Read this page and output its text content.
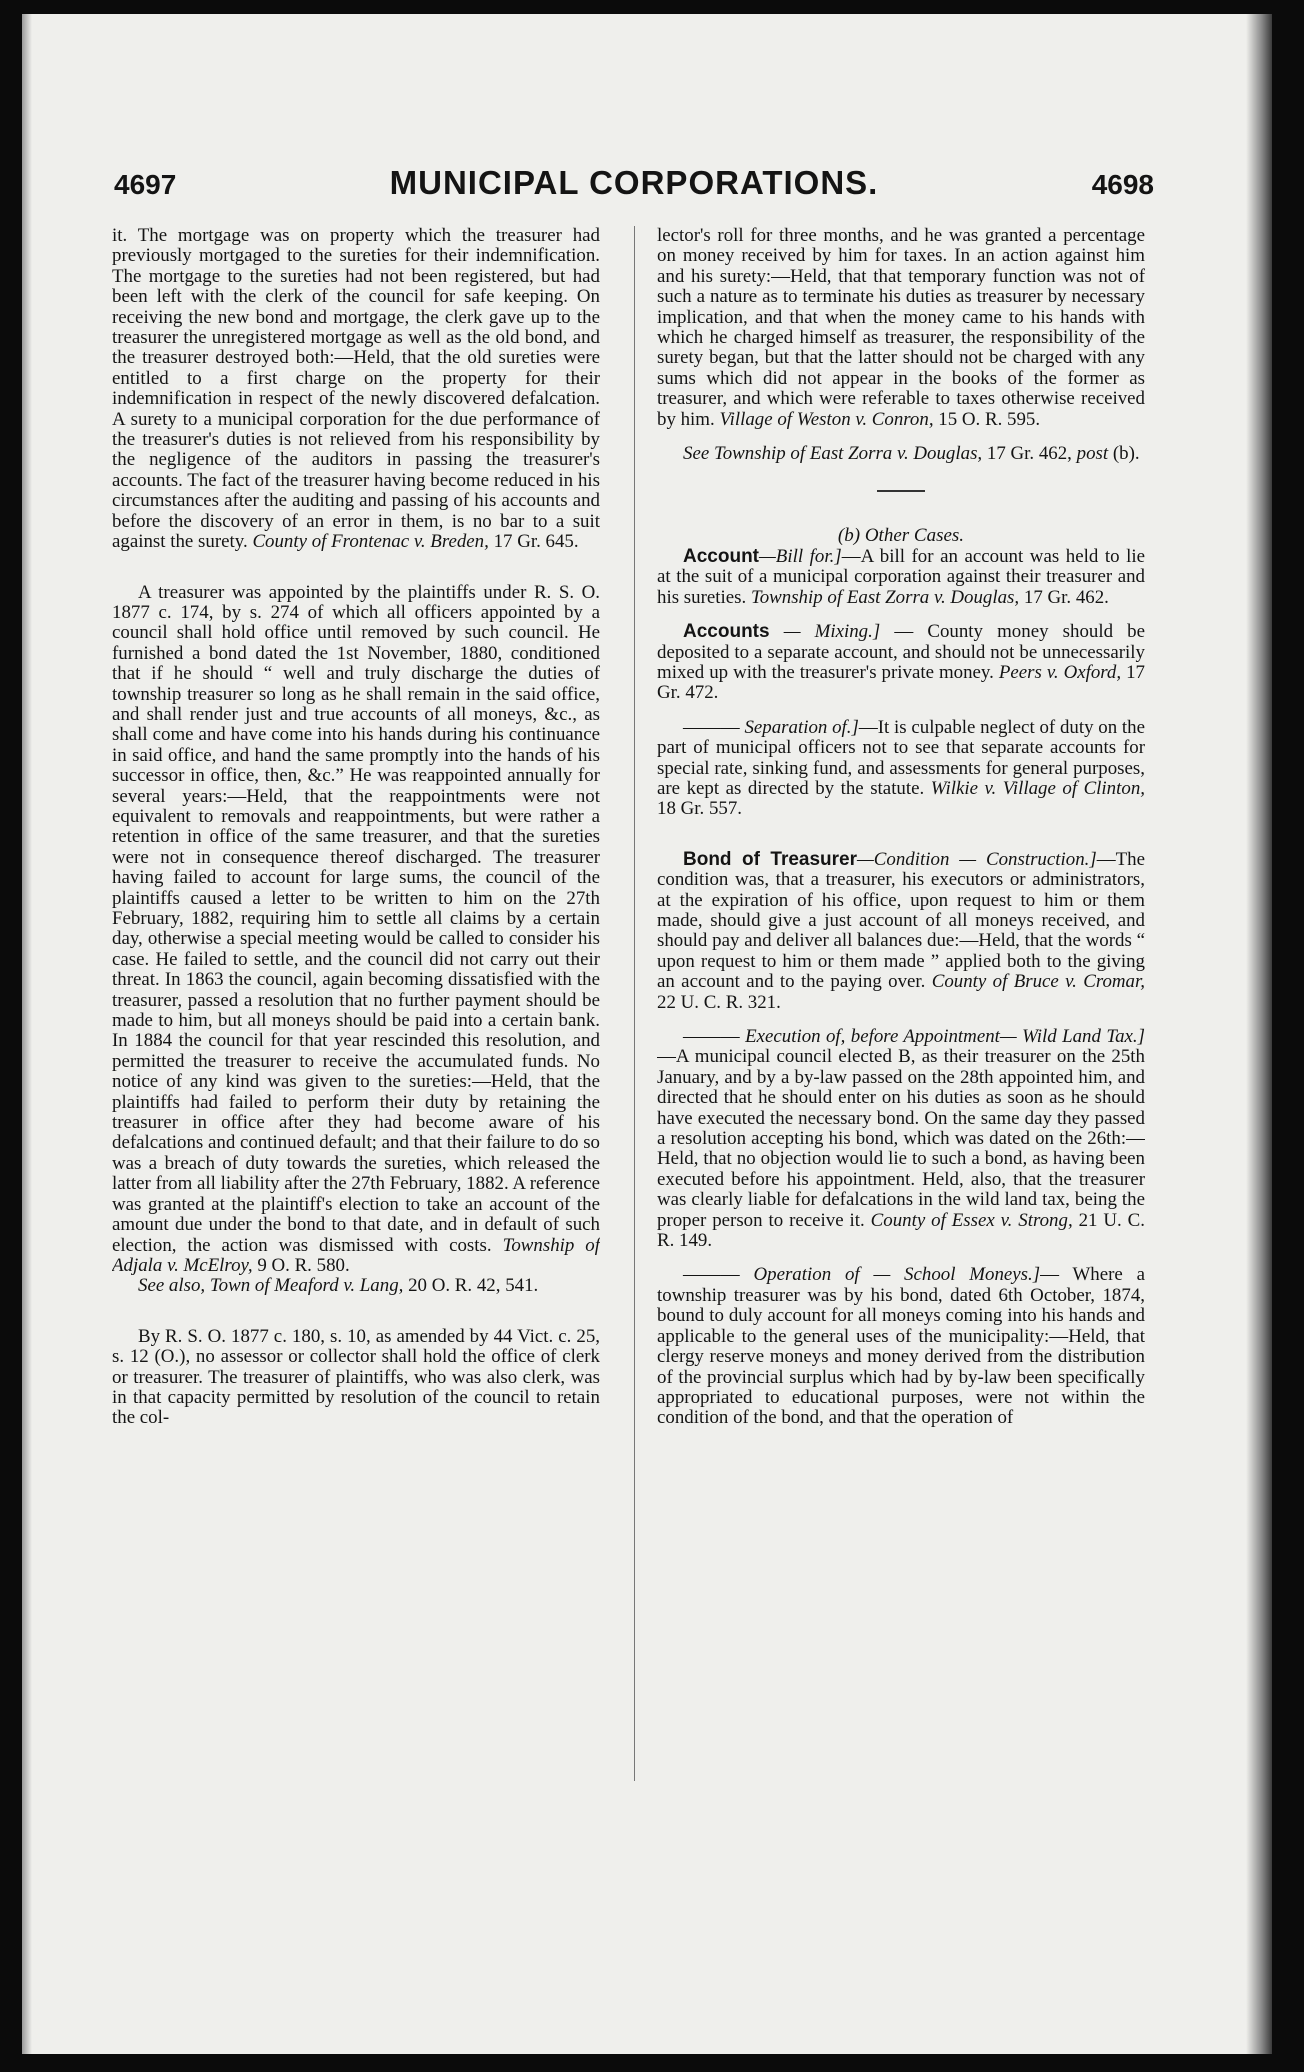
4697	MUNICIPAL CORPORATIONS.	4698

it. The mortgage was on property which the treasurer had previously mortgaged to the sureties for their indemnification. The mortgage to the sureties had not been registered, but had been left with the clerk of the council for safe keeping. On receiving the new bond and mortgage, the clerk gave up to the treasurer the unregistered mortgage as well as the old bond, and the treasurer destroyed both:—Held, that the old sureties were entitled to a first charge on the property for their indemnification in respect of the newly discovered defalcation. A surety to a municipal corporation for the due performance of the treasurer's duties is not relieved from his responsibility by the negligence of the auditors in passing the treasurer's accounts. The fact of the treasurer having become reduced in his circumstances after the auditing and passing of his accounts and before the discovery of an error in them, is no bar to a suit against the surety. County of Frontenac v. Breden, 17 Gr. 645.

A treasurer was appointed by the plaintiffs under R. S. O. 1877 c. 174, by s. 274 of which all officers appointed by a council shall hold office until removed by such council. He furnished a bond dated the 1st November, 1880, conditioned that if he should “ well and truly discharge the duties of township treasurer so long as he shall remain in the said office, and shall render just and true accounts of all moneys, &c., as shall come and have come into his hands during his continuance in said office, and hand the same promptly into the hands of his successor in office, then, &c.” He was reappointed annually for several years:—Held, that the reappointments were not equivalent to removals and reappointments, but were rather a retention in office of the same treasurer, and that the sureties were not in consequence thereof discharged. The treasurer having failed to account for large sums, the council of the plaintiffs caused a letter to be written to him on the 27th February, 1882, requiring him to settle all claims by a certain day, otherwise a special meeting would be called to consider his case. He failed to settle, and the council did not carry out their threat. In 1863 the council, again becoming dissatisfied with the treasurer, passed a resolution that no further payment should be made to him, but all moneys should be paid into a certain bank. In 1884 the council for that year rescinded this resolution, and permitted the treasurer to receive the accumulated funds. No notice of any kind was given to the sureties:—Held, that the plaintiffs had failed to perform their duty by retaining the treasurer in office after they had become aware of his defalcations and continued default; and that their failure to do so was a breach of duty towards the sureties, which released the latter from all liability after the 27th February, 1882. A reference was granted at the plaintiff's election to take an account of the amount due under the bond to that date, and in default of such election, the action was dismissed with costs. Township of Adjala v. McElroy, 9 O. R. 580.

See also, Town of Meaford v. Lang, 20 O. R. 42, 541.

By R. S. O. 1877 c. 180, s. 10, as amended by 44 Vict. c. 25, s. 12 (O.), no assessor or collector shall hold the office of clerk or treasurer. The treasurer of plaintiffs, who was also clerk, was in that capacity permitted by resolution of the council to retain the col-

lector's roll for three months, and he was granted a percentage on money received by him for taxes. In an action against him and his surety:—Held, that that temporary function was not of such a nature as to terminate his duties as treasurer by necessary implication, and that when the money came to his hands with which he charged himself as treasurer, the responsibility of the surety began, but that the latter should not be charged with any sums which did not appear in the books of the former as treasurer, and which were referable to taxes otherwise received by him. Village of Weston v. Conron, 15 O. R. 595.

See Township of East Zorra v. Douglas, 17 Gr. 462, post (b).

(b) Other Cases.

Account—Bill for.]—A bill for an account was held to lie at the suit of a municipal corporation against their treasurer and his sureties. Township of East Zorra v. Douglas, 17 Gr. 462.

Accounts — Mixing.] — County money should be deposited to a separate account, and should not be unnecessarily mixed up with the treasurer's private money. Peers v. Oxford, 17 Gr. 472.

——— Separation of.]—It is culpable neglect of duty on the part of municipal officers not to see that separate accounts for special rate, sinking fund, and assessments for general purposes, are kept as directed by the statute. Wilkie v. Village of Clinton, 18 Gr. 557.

Bond of Treasurer—Condition — Construction.]—The condition was, that a treasurer, his executors or administrators, at the expiration of his office, upon request to him or them made, should give a just account of all moneys received, and should pay and deliver all balances due:—Held, that the words “ upon request to him or them made ” applied both to the giving an account and to the paying over. County of Bruce v. Cromar, 22 U. C. R. 321.

——— Execution of, before Appointment— Wild Land Tax.]—A municipal council elected B, as their treasurer on the 25th January, and by a by-law passed on the 28th appointed him, and directed that he should enter on his duties as soon as he should have executed the necessary bond. On the same day they passed a resolution accepting his bond, which was dated on the 26th:—Held, that no objection would lie to such a bond, as having been executed before his appointment. Held, also, that the treasurer was clearly liable for defalcations in the wild land tax, being the proper person to receive it. County of Essex v. Strong, 21 U. C. R. 149.

——— Operation of — School Moneys.]— Where a township treasurer was by his bond, dated 6th October, 1874, bound to duly account for all moneys coming into his hands and applicable to the general uses of the municipality:—Held, that clergy reserve moneys and money derived from the distribution of the provincial surplus which had by by-law been specifically appropriated to educational purposes, were not within the condition of the bond, and that the operation of
